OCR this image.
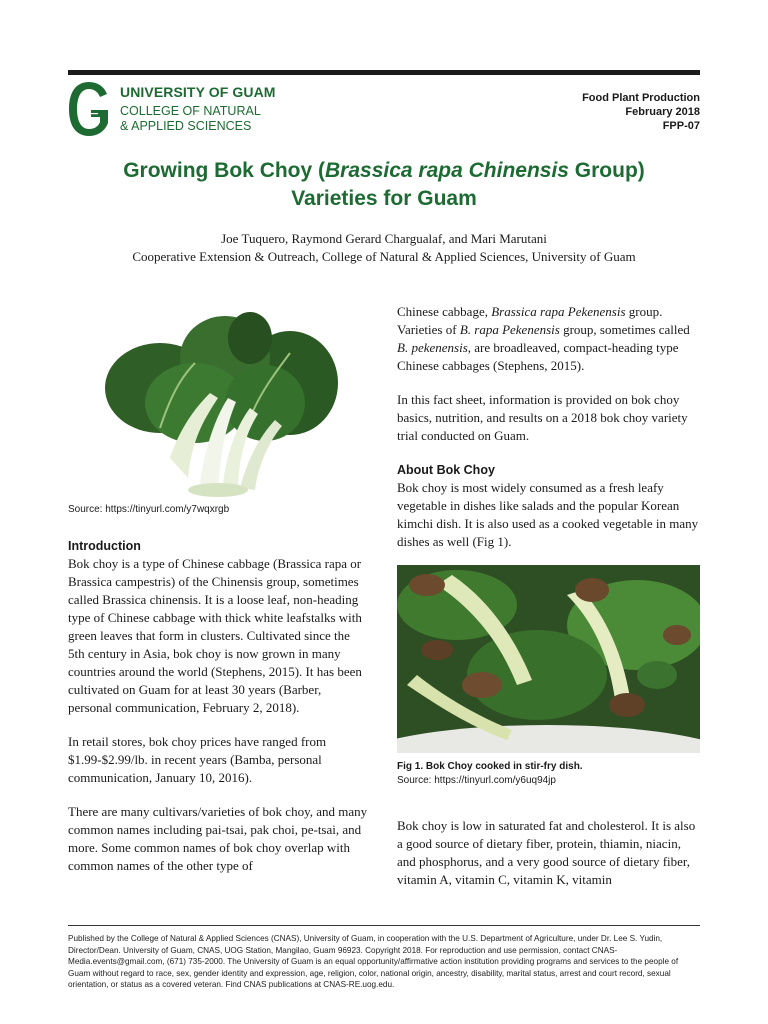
UNIVERSITY OF GUAM
COLLEGE OF NATURAL
& APPLIED SCIENCES
Food Plant Production
February 2018
FPP-07
Growing Bok Choy (Brassica rapa Chinensis Group)
Varieties for Guam
Joe Tuquero, Raymond Gerard Chargualaf, and Mari Marutani
Cooperative Extension & Outreach, College of Natural & Applied Sciences, University of Guam
Source: https://tinyurl.com/y7wqxrgb
Introduction

Bok choy is a type of Chinese cabbage (Brassica rapa or Brassica campestris) of the Chinensis group, sometimes called Brassica chinensis. It is a loose leaf, non-heading type of Chinese cabbage with thick white leafstalks with green leaves that form in clusters. Cultivated since the 5th century in Asia, bok choy is now grown in many countries around the world (Stephens, 2015). It has been cultivated on Guam for at least 30 years (Barber, personal communication, February 2, 2018).

In retail stores, bok choy prices have ranged from $1.99-$2.99/lb. in recent years (Bamba, personal communication, January 10, 2016).

There are many cultivars/varieties of bok choy, and many common names including pai-tsai, pak choi, pe-tsai, and more. Some common names of bok choy overlap with common names of the other type of

Chinese cabbage, Brassica rapa Pekenensis group. Varieties of B. rapa Pekenensis group, sometimes called B. pekenensis, are broadleaved, compact-heading type Chinese cabbages (Stephens, 2015).

In this fact sheet, information is provided on bok choy basics, nutrition, and results on a 2018 bok choy variety trial conducted on Guam.

About Bok Choy

Bok choy is most widely consumed as a fresh leafy vegetable in dishes like salads and the popular Korean kimchi dish. It is also used as a cooked vegetable in many dishes as well (Fig 1).

Fig 1. Bok Choy cooked in stir-fry dish.
Source: https://tinyurl.com/y6uq94jp

Bok choy is low in saturated fat and cholesterol. It is also a good source of dietary fiber, protein, thiamin, niacin, and phosphorus, and a very good source of dietary fiber, vitamin A, vitamin C, vitamin K, vitamin

Published by the College of Natural & Applied Sciences (CNAS), University of Guam, in cooperation with the U.S. Department of Agriculture, under Dr. Lee S. Yudin, Director/Dean. University of Guam, CNAS, UOG Station, Mangilao, Guam 96923. Copyright 2018. For reproduction and use permission, contact CNAS-Media.events@gmail.com, (671) 735-2000. The University of Guam is an equal opportunity/affirmative action institution providing programs and services to the people of Guam without regard to race, sex, gender identity and expression, age, religion, color, national origin, ancestry, disability, marital status, arrest and court record, sexual orientation, or status as a covered veteran. Find CNAS publications at CNAS-RE.uog.edu.
